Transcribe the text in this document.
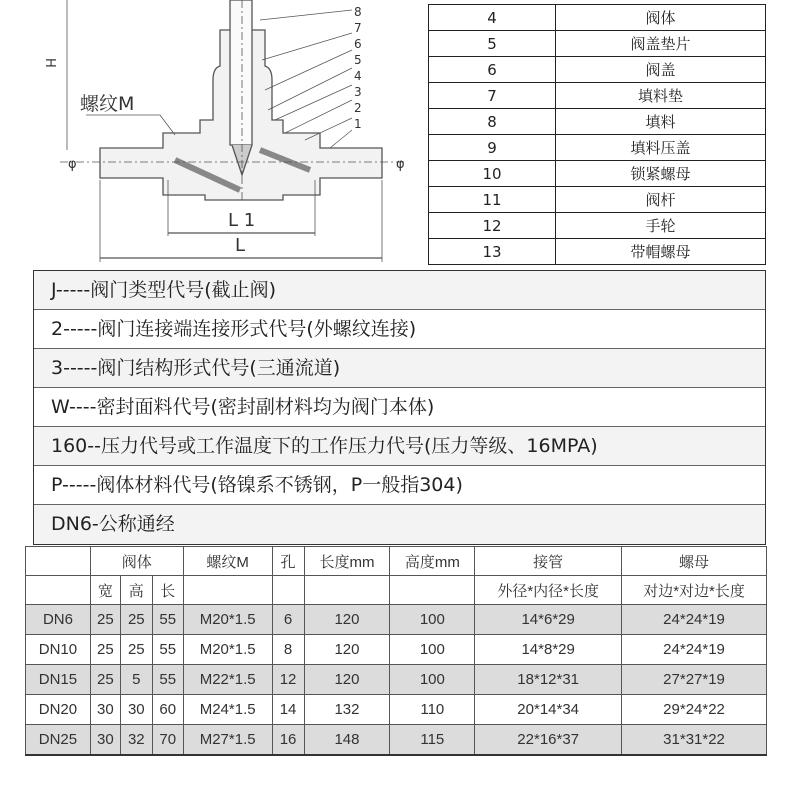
螺纹M
H
L 1
L
φ	φ
8
7
6
5
4
3
2
1
4	阀体
5	阀盖垫片
6	阀盖
7	填料垫
8	填料
9	填料压盖
10	锁紧螺母
11	阀杆
12	手轮
13	带帽螺母
J-----阀门类型代号(截止阀)
2-----阀门连接端连接形式代号(外螺纹连接)
3-----阀门结构形式代号(三通流道)
W----密封面料代号(密封副材料均为阀门本体)
160--压力代号或工作温度下的工作压力代号(压力等级、16MPA)
P-----阀体材料代号(铬镍系不锈钢，P一般指304)
DN6-公称通经
	阀体	螺纹M	孔	长度mm	高度mm	接管	螺母
	宽	高	长					外径*内径*长度	对边*对边*长度
DN6	25	25	55	M20*1.5	6	120	100	14*6*29	24*24*19
DN10	25	25	55	M20*1.5	8	120	100	14*8*29	24*24*19
DN15	25	5	55	M22*1.5	12	120	100	18*12*31	27*27*19
DN20	30	30	60	M24*1.5	14	132	110	20*14*34	29*24*22
DN25	30	32	70	M27*1.5	16	148	115	22*16*37	31*31*22
